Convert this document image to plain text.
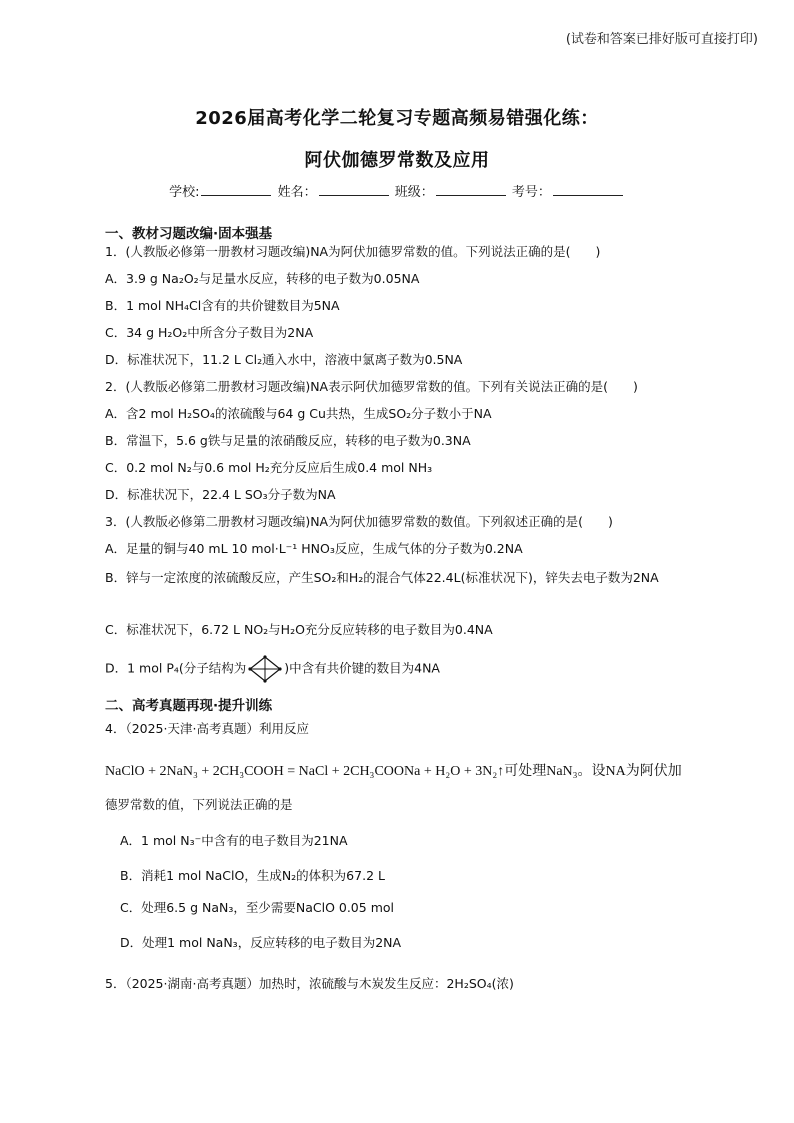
(试卷和答案已排好版可直接打印)
2026届高考化学二轮复习专题高频易错强化练：
阿伏伽德罗常数及应用
学校:	姓名：	班级：	考号：
一、教材习题改编·固本强基
1．(人教版必修第一册教材习题改编)NA为阿伏加德罗常数的值。下列说法正确的是(　　)
A．3.9 g Na₂O₂与足量水反应，转移的电子数为0.05NA
B．1 mol NH₄Cl含有的共价键数目为5NA
C．34 g H₂O₂中所含分子数目为2NA
D．标准状况下，11.2 L Cl₂通入水中，溶液中氯离子数为0.5NA
2．(人教版必修第二册教材习题改编)NA表示阿伏加德罗常数的值。下列有关说法正确的是(　　)
A．含2 mol H₂SO₄的浓硫酸与64 g Cu共热，生成SO₂分子数小于NA
B．常温下，5.6 g铁与足量的浓硝酸反应，转移的电子数为0.3NA
C．0.2 mol N₂与0.6 mol H₂充分反应后生成0.4 mol NH₃
D．标准状况下，22.4 L SO₃分子数为NA
3．(人教版必修第二册教材习题改编)NA为阿伏加德罗常数的数值。下列叙述正确的是(　　)
A．足量的铜与40 mL 10 mol·L⁻¹ HNO₃反应，生成气体的分子数为0.2NA
B．锌与一定浓度的浓硫酸反应，产生SO₂和H₂的混合气体22.4L(标准状况下)，锌失去电子数为2NA
C．标准状况下，6.72 L NO₂与H₂O充分反应转移的电子数目为0.4NA
D．1 mol P₄(分子结构为	)中含有共价键的数目为4NA
二、高考真题再现·提升训练
4．（2025·天津·高考真题）利用反应
NaClO + 2NaN₃ + 2CH₃COOH = NaCl + 2CH₃COONa + H₂O + 3N₂↑可处理NaN₃。设NA为阿伏加
德罗常数的值，下列说法正确的是
A．1 mol N₃⁻中含有的电子数目为21NA
B．消耗1 mol NaClO，生成N₂的体积为67.2 L
C．处理6.5 g NaN₃，至少需要NaClO 0.05 mol
D．处理1 mol NaN₃，反应转移的电子数目为2NA
5．（2025·湖南·高考真题）加热时，浓硫酸与木炭发生反应：2H₂SO₄(浓)
